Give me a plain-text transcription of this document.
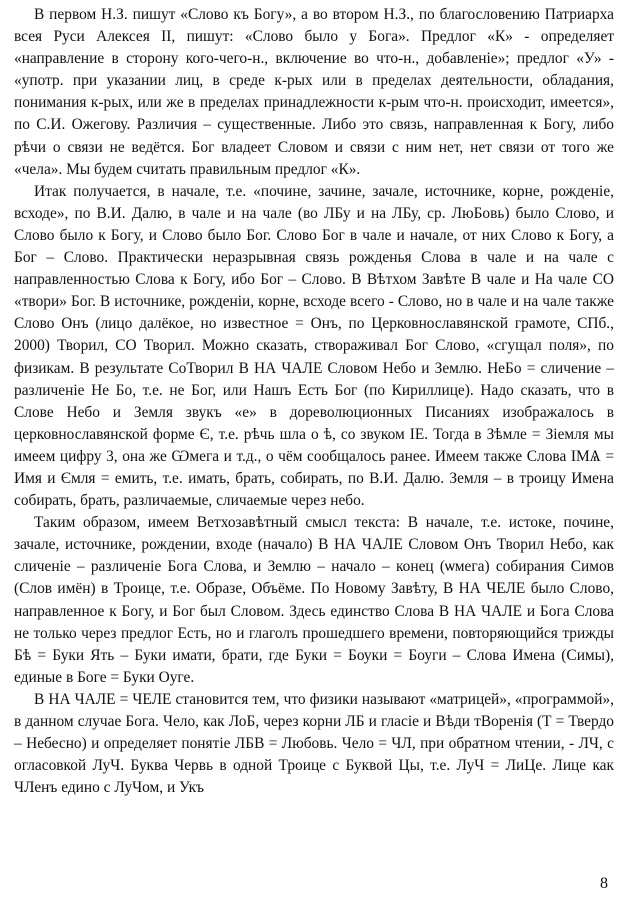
В первом Н.З. пишут «Слово къ Богу», а во втором Н.З., по благословению Патриарха всея Руси Алексея II, пишут: «Слово было у Бога». Предлог «К» - определяет «направление в сторону кого-чего-н., включение во что-н., добавленiе»; предлог «У» - «употр. при указании лиц, в среде к-рых или в пределах деятельности, обладания, понимания к-рых, или же в пределах принадлежности к-рым что-н. происходит, имеется», по С.И. Ожегову. Различия – существенные. Либо это связь, направленная к Богу, либо рѣчи о связи не ведётся. Бог владеет Словом и связи с ним нет, нет связи от того же «чела». Мы будем считать правильным предлог «К».

Итак получается, в начале, т.е. «почине, зачине, зачале, источнике, корне, рожденiе, всходе», по В.И. Далю, в чале и на чале (во ЛБу и на ЛБу, ср. ЛюБовь) было Слово, и Слово было к Богу, и Слово было Бог. Слово Бог в чале и начале, от них Слово к Богу, а Бог – Слово. Практически неразрывная связь рожденья Слова в чале и на чале с направленностью Слова к Богу, ибо Бог – Слово. В Вѣтхом Завѣте В чале и На чале СО «твори» Бог. В источнике, рожденiи, корне, всходе всего - Слово, но в чале и на чале также Слово Онъ (лицо далёкое, но известное = Онъ, по Церковнославянской грамоте, СПб., 2000) Творил, СО Творил. Можно сказать, створаживал Бог Слово, «сгущал поля», по физикам. В результате СоТворил В НА ЧАЛЕ Словом Небо и Землю. НеБо = сличение – различенiе Не Бо, т.е. не Бог, или Нашъ Есть Бог (по Кириллице). Надо сказать, что в Слове Небо и Земля звукъ «е» в дореволюционных Писаниях изображалось в церковнославянской форме Є, т.е. рѣчь шла о ѣ, со звуком IЕ. Тогда в Зѣмле = Зiемля мы имеем цифру 3, она же Ѡмега и т.д., о чём сообщалось ранее. Имеем также Слова IМѦ = Имя и Ємля = емить, т.е. имать, брать, собирать, по В.И. Далю. Земля – в троицу Имена собирать, брать, различаемые, сличаемые через небо.

Таким образом, имеем Ветхозавѣтный смысл текста: В начале, т.е. истоке, почине, зачале, источнике, рождении, входе (начало) В НА ЧАЛЕ Словом Онъ Творил Небо, как сличенiе – различенiе Бога Слова, и Землю – начало – конец (ѡмега) собирания Симов (Слов имён) в Троице, т.е. Образе, Объёме. По Новому Завѣту, В НА ЧЕЛЕ было Слово, направленное к Богу, и Бог был Словом. Здесь единство Слова В НА ЧАЛЕ и Бога Слова не только через предлог Есть, но и глаголъ прошедшего времени, повторяющийся трижды Бѣ = Буки Ять – Буки имати, брати, где Буки = Боуки = Боуги – Слова Имена (Симы), единые в Боге = Буки Оуге.

В НА ЧАЛЕ = ЧЕЛЕ становится тем, что физики называют «матрицей», «программой», в данном случае Бога. Чело, как ЛоБ, через корни ЛБ и гласiе и Вѣди тВоренiя (Т = Твердо – Небесно) и определяет понятiе ЛБВ = Любовь. Чело = ЧЛ, при обратном чтении, - ЛЧ, с огласовкой ЛуЧ. Буква Червь в одной Троице с Буквой Цы, т.е. ЛуЧ = ЛиЦе. Лице как ЧЛенъ едино с ЛуЧом, и Укъ

8
